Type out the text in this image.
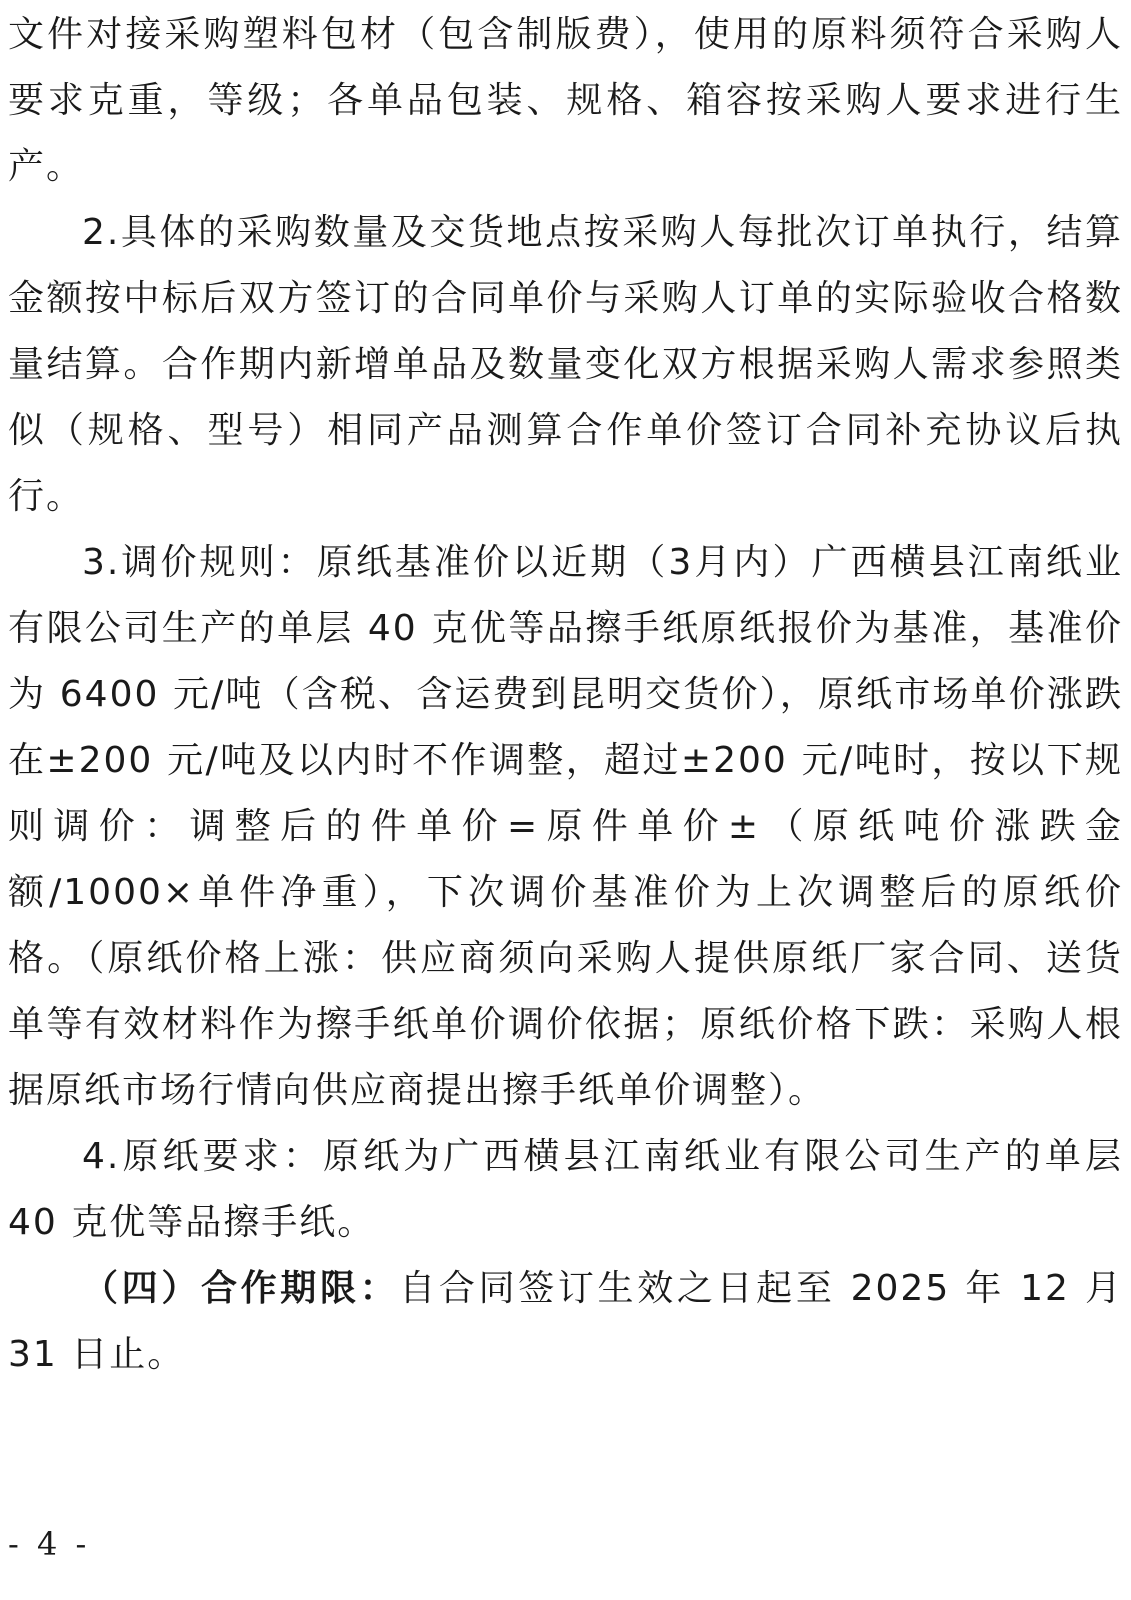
文件对接采购塑料包材（包含制版费），使用的原料须符合采购人要求克重，等级；各单品包装、规格、箱容按采购人要求进行生产。

2.具体的采购数量及交货地点按采购人每批次订单执行，结算金额按中标后双方签订的合同单价与采购人订单的实际验收合格数量结算。合作期内新增单品及数量变化双方根据采购人需求参照类似（规格、型号）相同产品测算合作单价签订合同补充协议后执行。

3.调价规则：原纸基准价以近期（3月内）广西横县江南纸业有限公司生产的单层 40 克优等品擦手纸原纸报价为基准，基准价为 6400 元/吨（含税、含运费到昆明交货价），原纸市场单价涨跌在±200 元/吨及以内时不作调整，超过±200 元/吨时，按以下规则调价：调整后的件单价=原件单价±（原纸吨价涨跌金额/1000×单件净重），下次调价基准价为上次调整后的原纸价格。（原纸价格上涨：供应商须向采购人提供原纸厂家合同、送货单等有效材料作为擦手纸单价调价依据；原纸价格下跌：采购人根据原纸市场行情向供应商提出擦手纸单价调整）。

4.原纸要求：原纸为广西横县江南纸业有限公司生产的单层 40 克优等品擦手纸。

（四）合作期限：自合同签订生效之日起至 2025 年 12 月 31 日止。

- 4 -
